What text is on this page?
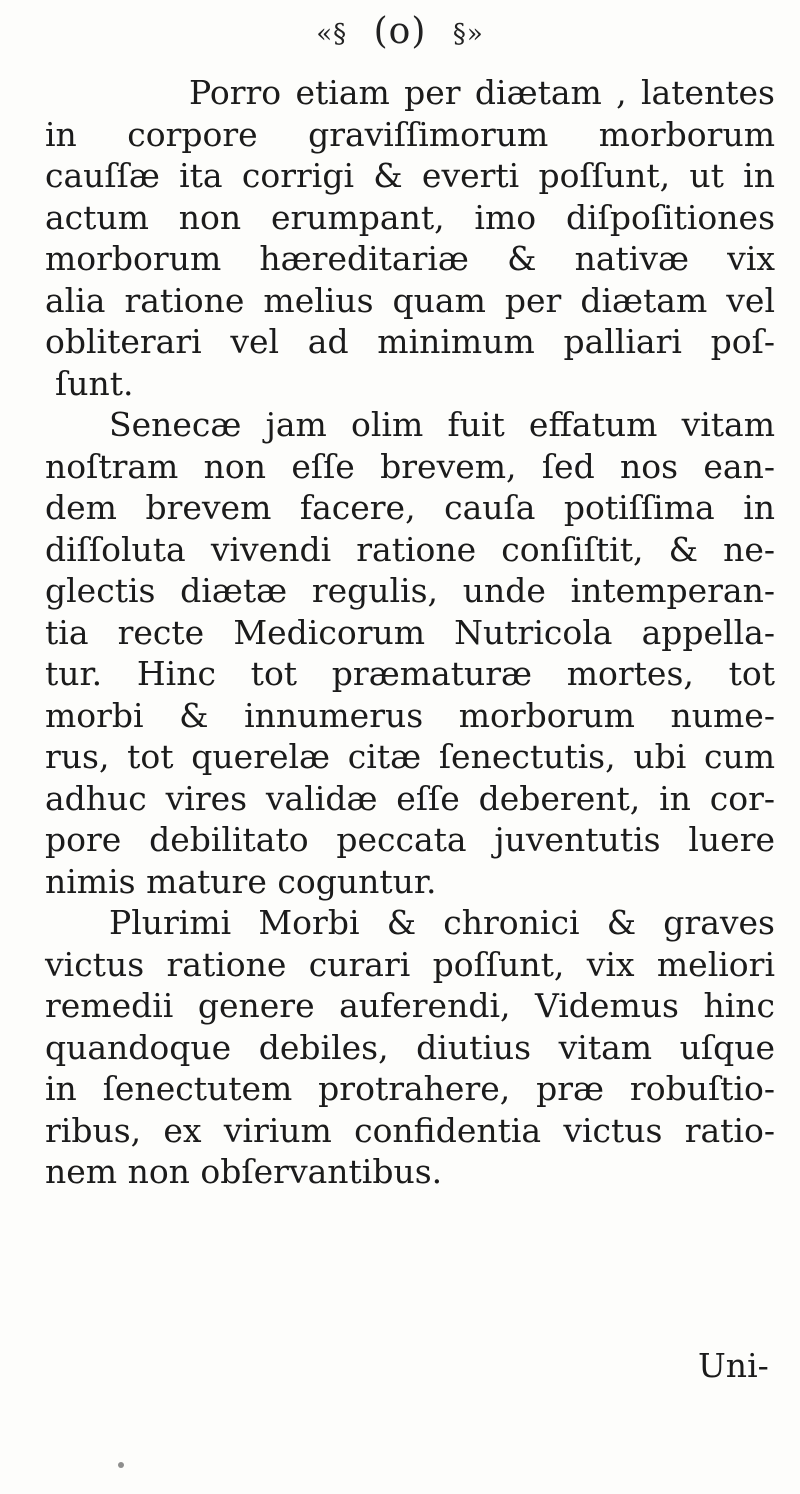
«§ (o) §»
Porro etiam per diætam , latentes
in corpore graviſſimorum morborum
cauſſæ ita corrigi & everti poſſunt, ut in
actum non erumpant, imo diſpoſitiones
morborum hæreditariæ & nativæ vix
alia ratione melius quam per diætam vel
obliterari vel ad minimum palliari poſ-
ſunt.
Senecæ jam olim fuit effatum vitam
noſtram non eſſe brevem, ſed nos ean-
dem brevem facere, cauſa potiſſima in
diſſoluta vivendi ratione conſiſtit, & ne-
glectis diætæ regulis, unde intemperan-
tia recte Medicorum Nutricola appella-
tur. Hinc tot præmaturæ mortes, tot
morbi & innumerus morborum nume-
rus, tot querelæ citæ ſenectutis, ubi cum
adhuc vires validæ eſſe deberent, in cor-
pore debilitato peccata juventutis luere
nimis mature coguntur.
Plurimi Morbi & chronici & graves
victus ratione curari poſſunt, vix meliori
remedii genere auferendi, Videmus hinc
quandoque debiles, diutius vitam uſque
in ſenectutem protrahere, præ robuſtio-
ribus, ex virium confidentia victus ratio-
nem non obſervantibus.
Uni-
